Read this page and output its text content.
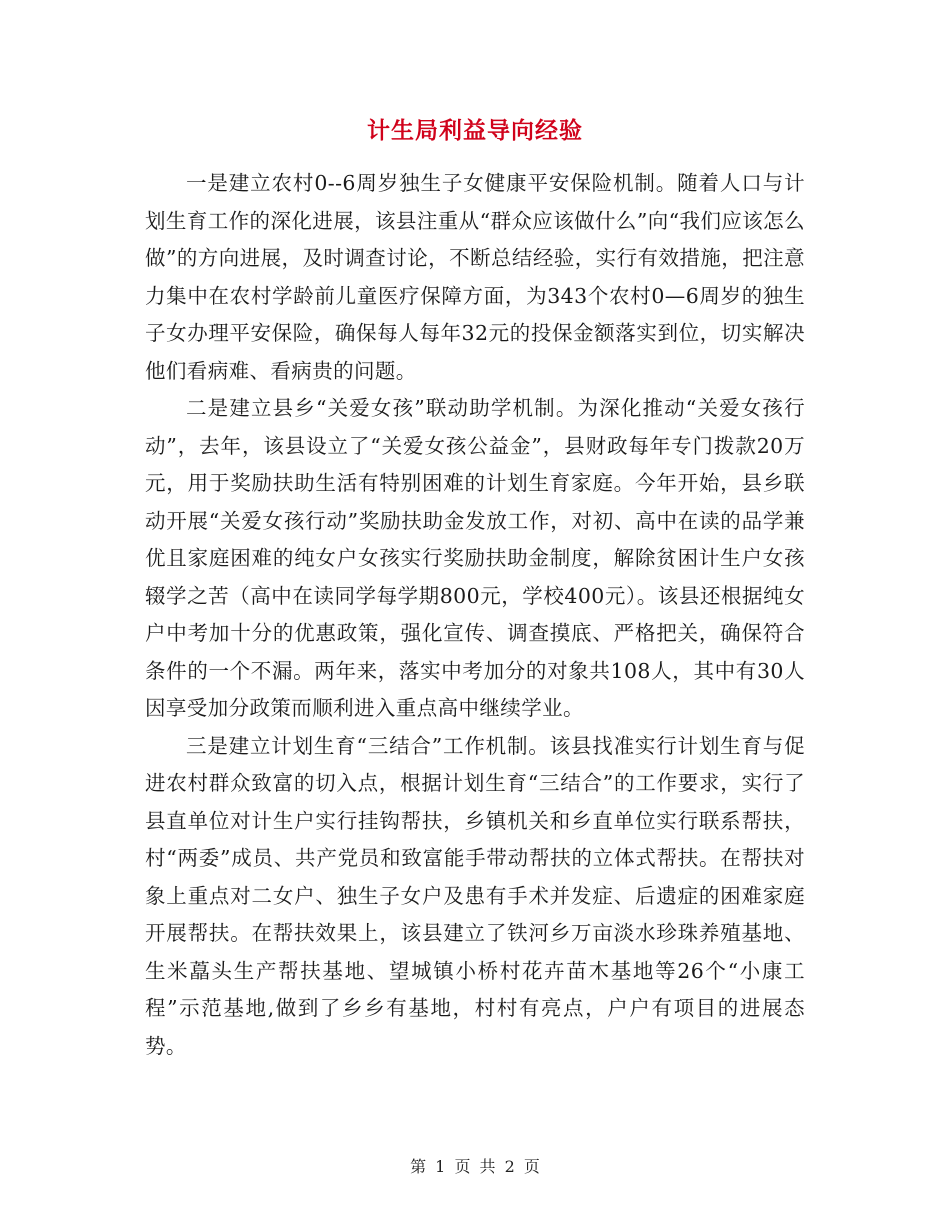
计生局利益导向经验

一是建立农村0--6周岁独生子女健康平安保险机制。随着人口与计划生育工作的深化进展，该县注重从“群众应该做什么”向“我们应该怎么做”的方向进展，及时调查讨论，不断总结经验，实行有效措施，把注意力集中在农村学龄前儿童医疗保障方面，为343个农村0—6周岁的独生子女办理平安保险，确保每人每年32元的投保金额落实到位，切实解决他们看病难、看病贵的问题。

二是建立县乡“关爱女孩”联动助学机制。为深化推动“关爱女孩行动”，去年，该县设立了“关爱女孩公益金”，县财政每年专门拨款20万元，用于奖励扶助生活有特别困难的计划生育家庭。今年开始，县乡联动开展“关爱女孩行动”奖励扶助金发放工作，对初、高中在读的品学兼优且家庭困难的纯女户女孩实行奖励扶助金制度，解除贫困计生户女孩辍学之苦（高中在读同学每学期800元，学校400元）。该县还根据纯女户中考加十分的优惠政策，强化宣传、调查摸底、严格把关，确保符合条件的一个不漏。两年来，落实中考加分的对象共108人，其中有30人因享受加分政策而顺利进入重点高中继续学业。

三是建立计划生育“三结合”工作机制。该县找准实行计划生育与促进农村群众致富的切入点，根据计划生育“三结合”的工作要求，实行了县直单位对计生户实行挂钩帮扶，乡镇机关和乡直单位实行联系帮扶，村“两委”成员、共产党员和致富能手带动帮扶的立体式帮扶。在帮扶对象上重点对二女户、独生子女户及患有手术并发症、后遗症的困难家庭开展帮扶。在帮扶效果上，该县建立了铁河乡万亩淡水珍珠养殖基地、生米藠头生产帮扶基地、望城镇小桥村花卉苗木基地等26个“小康工程”示范基地,做到了乡乡有基地，村村有亮点，户户有项目的进展态势。

第 1 页 共 2 页
